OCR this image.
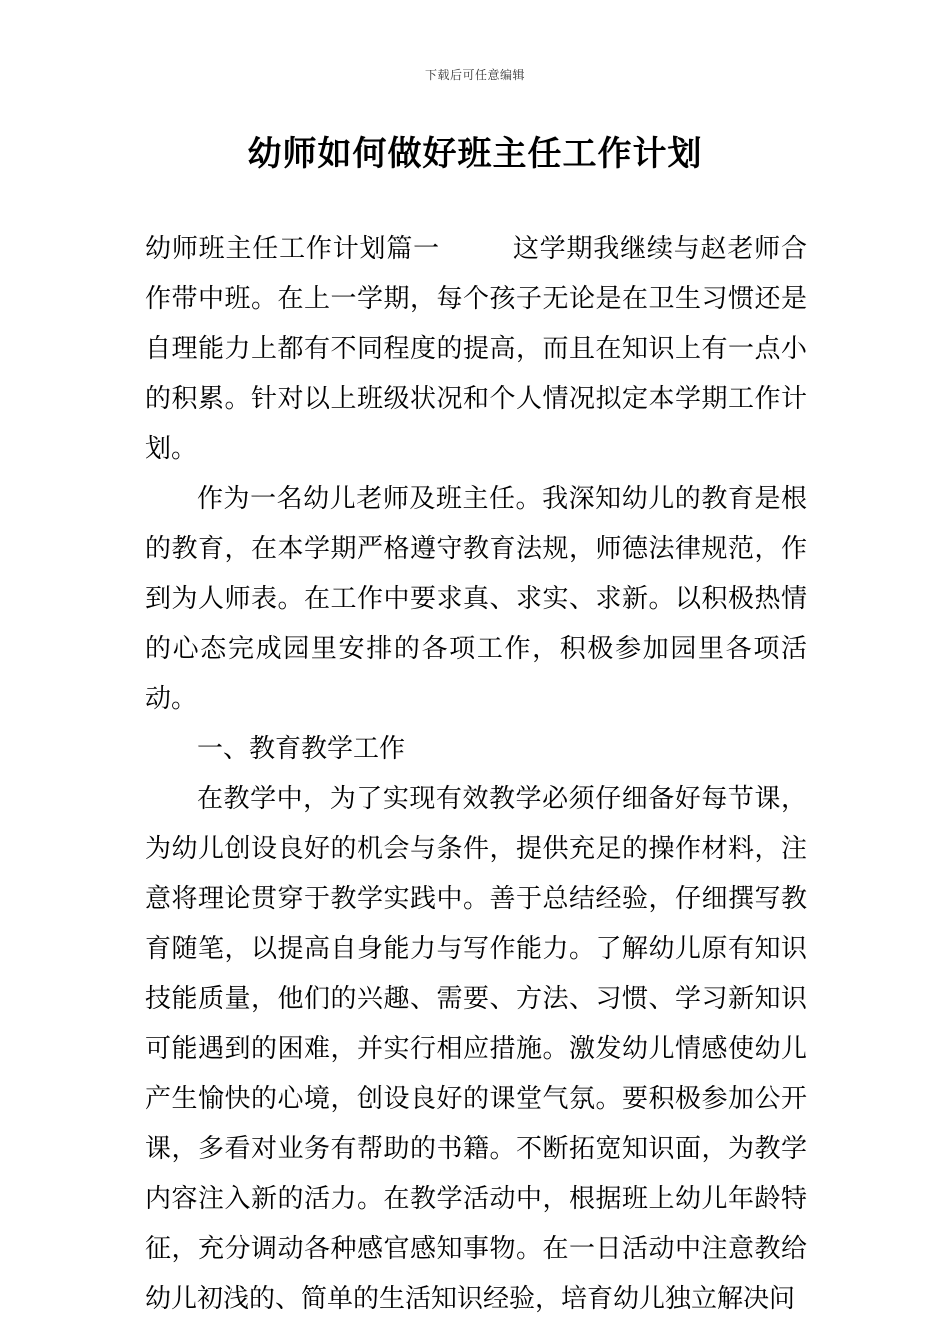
下载后可任意编辑
幼师如何做好班主任工作计划

幼师班主任工作计划篇一	这学期我继续与赵老师合作带中班。在上一学期，每个孩子无论是在卫生习惯还是自理能力上都有不同程度的提高，而且在知识上有一点小的积累。针对以上班级状况和个人情况拟定本学期工作计划。

作为一名幼儿老师及班主任。我深知幼儿的教育是根的教育，在本学期严格遵守教育法规，师德法律规范，作到为人师表。在工作中要求真、求实、求新。以积极热情的心态完成园里安排的各项工作，积极参加园里各项活动。

一、教育教学工作

在教学中，为了实现有效教学必须仔细备好每节课，为幼儿创设良好的机会与条件，提供充足的操作材料，注意将理论贯穿于教学实践中。善于总结经验，仔细撰写教育随笔，以提高自身能力与写作能力。了解幼儿原有知识技能质量，他们的兴趣、需要、方法、习惯、学习新知识可能遇到的困难，并实行相应措施。激发幼儿情感使幼儿产生愉快的心境，创设良好的课堂气氛。要积极参加公开课，多看对业务有帮助的书籍。不断拓宽知识面，为教学内容注入新的活力。在教学活动中，根据班上幼儿年龄特征，充分调动各种感官感知事物。在一日活动中注意教给幼儿初浅的、简单的生活知识经验，培育幼儿独立解决问
